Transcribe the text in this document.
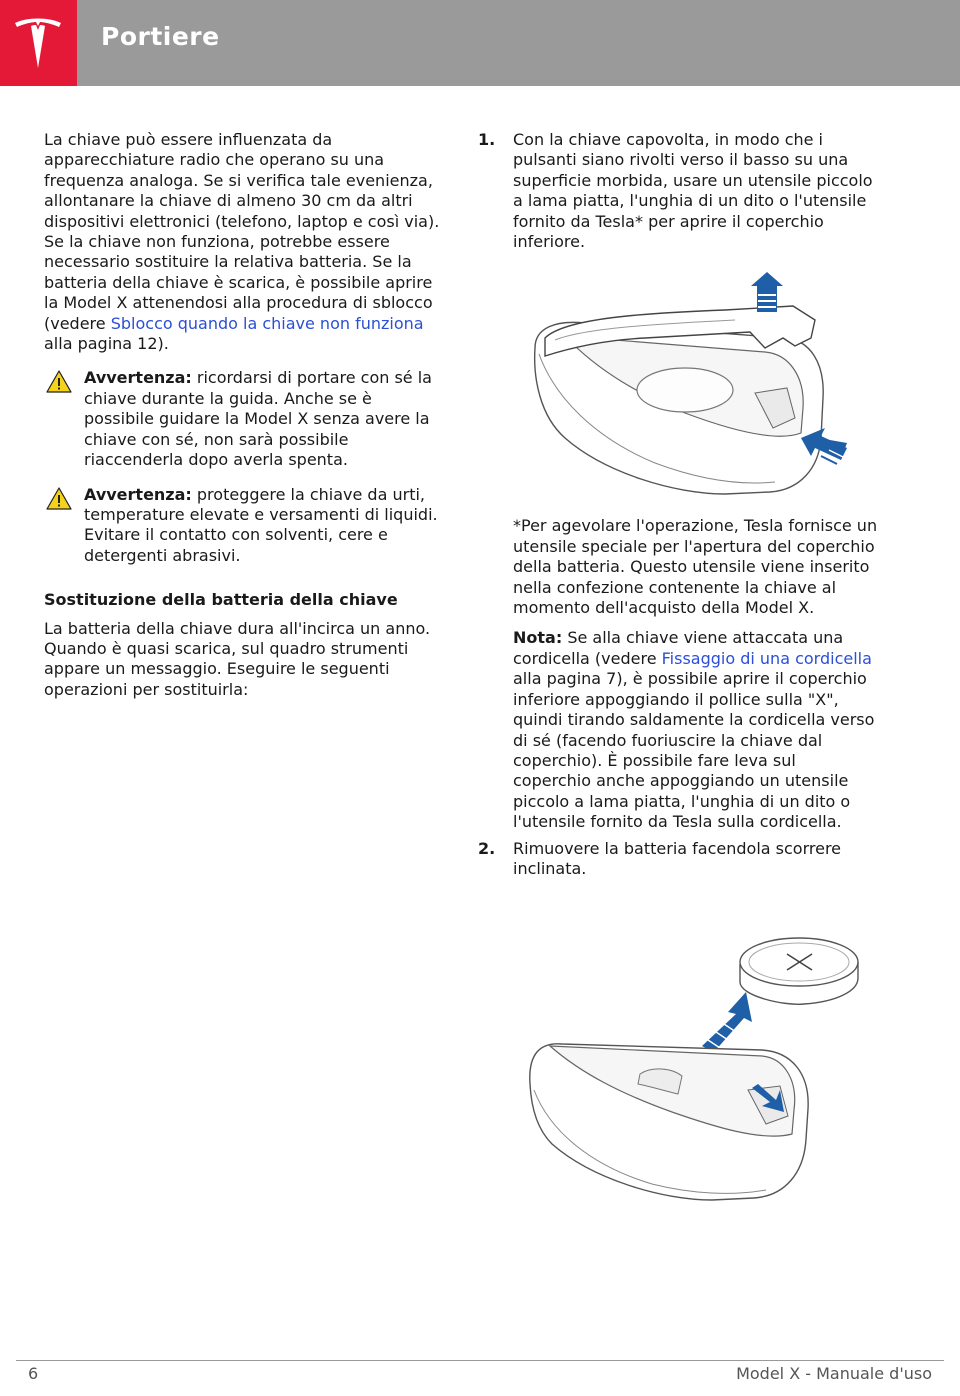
Portiere

La chiave può essere influenzata da apparecchiature radio che operano su una frequenza analoga. Se si verifica tale evenienza, allontanare la chiave di almeno 30 cm da altri dispositivi elettronici (telefono, laptop e così via). Se la chiave non funziona, potrebbe essere necessario sostituire la relativa batteria. Se la batteria della chiave è scarica, è possibile aprire la Model X attenendosi alla procedura di sblocco (vedere Sblocco quando la chiave non funziona alla pagina 12).

Avvertenza: ricordarsi di portare con sé la chiave durante la guida. Anche se è possibile guidare la Model X senza avere la chiave con sé, non sarà possibile riaccenderla dopo averla spenta.

Avvertenza: proteggere la chiave da urti, temperature elevate e versamenti di liquidi. Evitare il contatto con solventi, cere e detergenti abrasivi.

Sostituzione della batteria della chiave

La batteria della chiave dura all'incirca un anno. Quando è quasi scarica, sul quadro strumenti appare un messaggio. Eseguire le seguenti operazioni per sostituirla:

1. Con la chiave capovolta, in modo che i pulsanti siano rivolti verso il basso su una superficie morbida, usare un utensile piccolo a lama piatta, l'unghia di un dito o l'utensile fornito da Tesla* per aprire il coperchio inferiore.

*Per agevolare l'operazione, Tesla fornisce un utensile speciale per l'apertura del coperchio della batteria. Questo utensile viene inserito nella confezione contenente la chiave al momento dell'acquisto della Model X.

Nota: Se alla chiave viene attaccata una cordicella (vedere Fissaggio di una cordicella alla pagina 7), è possibile aprire il coperchio inferiore appoggiando il pollice sulla "X", quindi tirando saldamente la cordicella verso di sé (facendo fuoriuscire la chiave dal coperchio). È possibile fare leva sul coperchio anche appoggiando un utensile piccolo a lama piatta, l'unghia di un dito o l'utensile fornito da Tesla sulla cordicella.

2. Rimuovere la batteria facendola scorrere inclinata.

6	Model X - Manuale d'uso
